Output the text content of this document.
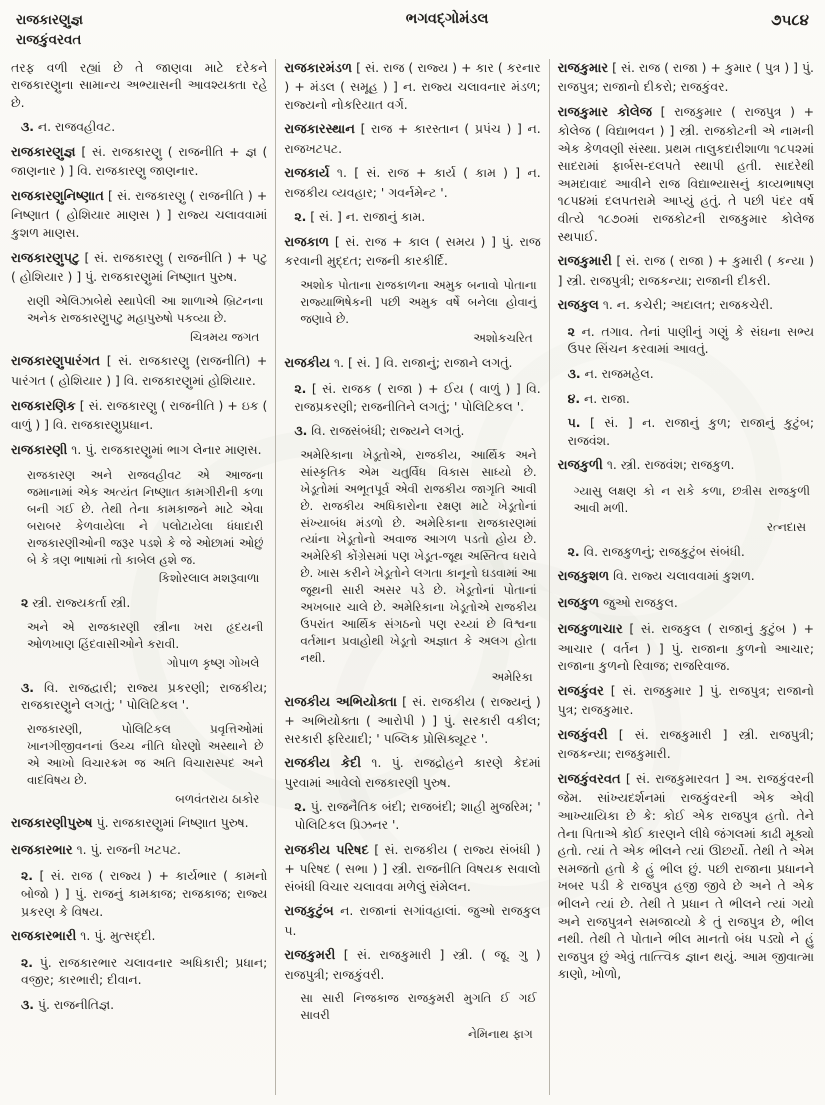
રાજકારણુજ્ઞ
રાજકુંવરવત
ભગવદ્ગોમંડલ	૭૫૮૪

તરફ વળી રહ્યાં છે તે જાણવા માટે દરેકને રાજકારણુના સામાન્ય અભ્યાસની આવશ્યક્તા રહે છે.

૩. ન. રાજવહીવટ.

રાજકારણુજ્ઞ [ સં. રાજકારણુ ( રાજનીતિ + જ્ઞ ( જાણનાર ) ] વિ. રાજકારણુ જાણનાર.

રાજકારણુનિષ્ણાત [ સં. રાજકારણુ ( રાજનીતિ ) + નિષ્ણાત ( હોશિયાર માણસ ) ] રાજ્ય ચલાવવામાં કુશળ માણસ.

રાજકારણુપટુ [ સં. રાજકારણુ ( રાજનીતિ ) + પટુ ( હોશિયાર ) ] પું. રાજકારણુમાં નિષ્ણાત પુરુષ.

રાણી એલિઝાબેથે સ્થાપેલી આ શાળાએ બ્રિટનના અનેક રાજકારણુપટુ મહાપુરુષો પકવ્યા છે.

ચિત્રમય જગત

રાજકારણુપારંગત [ સં. રાજકારણુ (રાજનીતિ) + પારંગત ( હોશિયાર ) ] વિ. રાજકારણુમાં હોશિયાર.

રાજકારણિક [ સં. રાજકારણુ ( રાજનીતિ ) + ઇક ( વાળું ) ] વિ. રાજકારણુપ્રધાન.

રાજકારણી ૧. પું. રાજકારણુમાં ભાગ લેનાર માણસ.

રાજકારણ અને રાજવહીવટ એ આજના જમાનામાં એક અત્યંત નિષ્ણાત કામગીરીની કળા બની ગઈ છે. તેથી તેના કામકાજને માટે એવા બરાબર કેળવાયેલા ને પલોટાયેલા ધંધાદારી રાજકારણીઓની જરૂર પડશે કે જે ઓછામાં ઓછું બે કે ત્રણ ભાષામાં તો કાબેલ હશે જ.

કિશોરલાલ મશરૂવાળા

૨ સ્ત્રી. રાજ્યકર્તા સ્ત્રી.

અને એ રાજકારણી સ્ત્રીના ખરા હૃદયની ઓળખાણ હિંદવાસીઓને કરાવી.

ગોપાળ કૃષ્ણ ગોખલે

૩. વિ. રાજદ્વારી; રાજ્ય પ્રકરણી; રાજકીય; રાજકારણુને લગતું; ' પોલિટિકલ '.

રાજકારણી, પોલિટિકલ પ્રવૃત્તિઓમાં ખાનગીજીવનનાં ઉચ્ચ નીતિ ધોરણો અસ્થાને છે એ આખો વિચારક્રમ જ અતિ વિચારાસ્પદ અને વાદવિષય છે.

બળવંતરાય ઠાકોર

રાજકારણીપુરુષ પું. રાજકારણુમાં નિષ્ણાત પુરુષ.

રાજકારભાર ૧. પું. રાજની ખટપટ.

૨. [ સં. રાજ ( રાજ્ય ) + કાર્યભાર ( કામનો બોજો ) ] પું. રાજનું કામકાજ; રાજકાજ; રાજ્ય પ્રકરણ કે વિષય.

રાજકારભારી ૧. પું. મુત્સદ્દી.

૨. પું. રાજકારભાર ચલાવનાર અધિકારી; પ્રધાન; વજીર; કારભારી; દીવાન.

૩. પું. રાજનીતિજ્ઞ.

રાજકારમંડળ [ સં. રાજ ( રાજ્ય ) + કાર ( કરનાર ) + મંડલ ( સમૂહ ) ] ન. રાજ્ય ચલાવનાર મંડળ; રાજ્યનો નોકરિયાત વર્ગ.

રાજકારસ્થાન [ રાજ + કારસ્તાન ( પ્રપંચ ) ] ન. રાજખટપટ.

રાજકાર્ય ૧. [ સં. રાજ + કાર્ય ( કામ ) ] ન. રાજકીય વ્યવહાર; ' ગવર્નમેન્ટ '.

૨. [ સં. ] ન. રાજાનું કામ.

રાજકાળ [ સં. રાજ + કાલ ( સમય ) ] પું. રાજ કરવાની મુદ્દત; રાજની કારકીર્દિ.

અશોક પોતાના રાજકાળના અમુક બનાવો પોતાના રાજ્યાભિષેકની પછી અમુક વર્ષે બનેલા હોવાનું જણાવે છે.

અશોકચરિત

રાજકીય ૧. [ સં. ] વિ. રાજાનું; રાજાને લગતું.

૨. [ સં. રાજક ( રાજા ) + ઈય ( વાળું ) ] વિ. રાજપ્રકરણી; રાજનીતિને લગતું; ' પોલિટિકલ '.

૩. વિ. રાજસંબંધી; રાજ્યને લગતું.

અમેરિકાના ખેડૂતોએ, રાજકીય, આર્થિક અને સાંસ્કૃતિક એમ ચતુર્વિધ વિકાસ સાધ્યો છે. ખેડૂતોમાં અભૂતપૂર્વ એવી રાજકીય જાગૃતિ આવી છે. રાજકીય અધિકારોના રક્ષણ માટે ખેડૂતોનાં સંખ્યાબંધ મંડળો છે. અમેરિકાના રાજકારણમાં ત્યાંના ખેડૂતોનો અવાજ આગળ પડતો હોય છે. અમેરિકી કોંગ્રેસમાં પણ ખેડૂત-જૂથ અસ્તિત્વ ધરાવે છે. ખાસ કરીને ખેડૂતોને લગતા કાનૂનો ઘડવામાં આ જૂથની સારી અસર પડે છે. ખેડૂતોનાં પોતાનાં અખબાર ચાલે છે. અમેરિકાના ખેડૂતોએ રાજકીય ઉપરાંત આર્થિક સંગઠનો પણ રચ્યાં છે વિશ્વના વર્તમાન પ્રવાહોથી ખેડૂતો અજ્ઞાત કે અલગ હોતા નથી.

અમેરિકા

રાજકીય અભિયોક્તા [ સં. રાજકીય ( રાજ્યનું ) + અભિયોક્તા ( આરોપી ) ] પું. સરકારી વકીલ; સરકારી ફરિયાદી; ' પબ્લિક પ્રોસિક્યૂટર '.

રાજકીય કેદી ૧. પું. રાજદ્રોહને કારણે કેદમાં પુરવામાં આવેલો રાજકારણી પુરુષ.

૨. પું. રાજનૈતિક બંદી; રાજબંદી; શાહી મુજરિમ; ' પોલિટિકલ પ્રિઝનર '.

રાજકીય પરિષદ [ સં. રાજકીય ( રાજ્ય સંબંધી ) + પરિષદ ( સભા ) ] સ્ત્રી. રાજનીતિ વિષયક સવાલો સંબંધી વિચાર ચલાવવા મળેલું સંમેલન.

રાજકુટુંબ ન. રાજાનાં સગાંવહાલાં. જુઓ રાજકુલ ૫.

રાજકુમરી [ સં. રાજકુમારી ] સ્ત્રી. ( જૂ. ગુ ) રાજપુત્રી; રાજકુંવરી.

સા સારી નિજકાજ રાજકુમરી મુગતિ ઈ ગઈ સાવરી

નેમિનાથ ફાગ

રાજકુમાર [ સં. રાજ ( રાજા ) + કુમાર ( પુત્ર ) ] પું. રાજપુત્ર; રાજાનો દીકરો; રાજકુંવર.

રાજકુમાર કોલેજ [ રાજકુમાર ( રાજપુત્ર ) + કોલેજ ( વિદ્યાભવન ) ] સ્ત્રી. રાજકોટની એ નામની એક કેળવણી સંસ્થા. પ્રથમ તાલુકદારીશાળા ૧૮૫૨માં સાદરામાં ફાર્બસ-દલપતે સ્થાપી હતી. સાદરેથી અમદાવાદ આવીને રાજ વિદ્યાભ્યાસનું કાવ્યભાષણ ૧૮૫૪માં દલપતરામે આપ્યું હતું. તે પછી પંદર વર્ષ વીત્યે ૧૮૭૦માં રાજકોટની રાજકુમાર કોલેજ સ્થપાઈ.

રાજકુમારી [ સં. રાજ ( રાજા ) + કુમારી ( કન્યા ) ] સ્ત્રી. રાજપુત્રી; રાજકન્યા; રાજાની દીકરી.

રાજકુલ ૧. ન. કચેરી; અદાલત; રાજકચેરી.

૨ ન. તગાવ. તેનાં પાણીનું ગણું કે સંઘના સભ્ય ઉપર સિંચન કરવામાં આવતું.

૩. ન. રાજમહેલ.

૪. ન. રાજા.

૫. [ સં. ] ન. રાજાનું કુળ; રાજાનું કુટુંબ; રાજવંશ.

રાજકુળી ૧. સ્ત્રી. રાજવંશ; રાજકુળ.

ગ્યાસુ લક્ષણ કો ન રાકે કળા, છત્રીસ રાજકુળી આવી મળી.

રત્નદાસ

૨. વિ. રાજકુળનું; રાજકુટુંબ સંબંધી.

રાજકુશળ વિ. રાજ્ય ચલાવવામાં કુશળ.

રાજકુળ જુઓ રાજકુલ.

રાજકુળાચાર [ સં. રાજકુલ ( રાજાનું કુટુંબ ) + આચાર ( વર્તન ) ] પું. રાજાના કુળનો આચાર; રાજાના કુળનો રિવાજ; રાજરિવાજ.

રાજકુંવર [ સં. રાજકુમાર ] પું. રાજપુત્ર; રાજાનો પુત્ર; રાજકુમાર.

રાજકુંવરી [ સં. રાજકુમારી ] સ્ત્રી. રાજપુત્રી; રાજકન્યા; રાજકુમારી.

રાજકુંવરવત [ સં. રાજકુમારવત ] અ. રાજકુંવરની જેમ. સાંખ્યદર્શનમાં રાજકુંવરની એક એવી આખ્યાયિકા છે કે: કોઈ એક રાજપુત્ર હતો. તેને તેના પિતાએ કોઈ કારણને લીધે જંગલમાં કાઢી મૂક્યો હતો. ત્યાં તે એક ભીલને ત્યાં ઊછર્યો. તેથી તે એમ સમજતો હતો કે હું ભીલ છું. પછી રાજાના પ્રધાનને ખબર પડી કે રાજપુત્ર હજી જીવે છે અને તે એક ભીલને ત્યાં છે. તેથી તે પ્રધાન તે ભીલને ત્યાં ગયો અને રાજપુત્રને સમજાવ્યો કે તું રાજપુત્ર છે, ભીલ નથી. તેથી તે પોતાને ભીલ માનતો બંધ પડ્યો ને હું રાજપુત્ર છું એવું તાત્ત્વિક જ્ઞાન થયું. આમ જીવાત્મા કાણો, ખોળો,
